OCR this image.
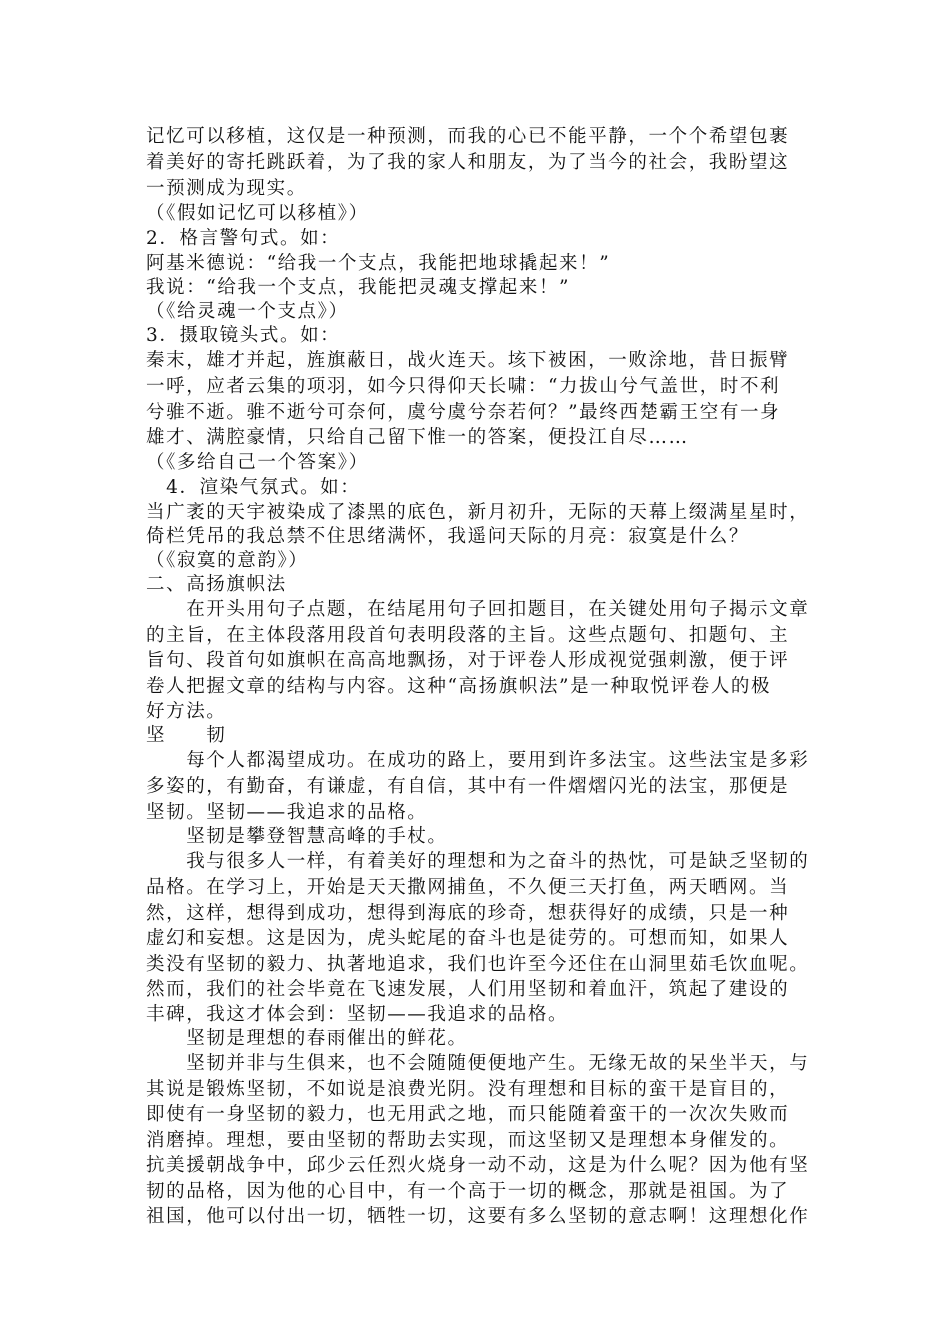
记忆可以移植，这仅是一种预测，而我的心已不能平静，一个个希望包裹
着美好的寄托跳跃着，为了我的家人和朋友，为了当今的社会，我盼望这
一预测成为现实。
（《假如记忆可以移植》）
2．格言警句式。如：
阿基米德说：“给我一个支点，我能把地球撬起来！”
我说：“给我一个支点，我能把灵魂支撑起来！”
（《给灵魂一个支点》）
3．摄取镜头式。如：
秦末，雄才并起，旌旗蔽日，战火连天。垓下被困，一败涂地，昔日振臂
一呼，应者云集的项羽，如今只得仰天长啸：“力拔山兮气盖世，时不利
兮骓不逝。骓不逝兮可奈何，虞兮虞兮奈若何？”最终西楚霸王空有一身
雄才、满腔豪情，只给自己留下惟一的答案，便投江自尽……
（《多给自己一个答案》）
　4．渲染气氛式。如：
当广袤的天宇被染成了漆黑的底色，新月初升，无际的天幕上缀满星星时，
倚栏凭吊的我总禁不住思绪满怀，我遥问天际的月亮：寂寞是什么？
（《寂寞的意韵》）
二、高扬旗帜法
　　在开头用句子点题，在结尾用句子回扣题目，在关键处用句子揭示文章
的主旨，在主体段落用段首句表明段落的主旨。这些点题句、扣题句、主
旨句、段首句如旗帜在高高地飘扬，对于评卷人形成视觉强刺激，便于评
卷人把握文章的结构与内容。这种“高扬旗帜法”是一种取悦评卷人的极
好方法。
坚　　韧
　　每个人都渴望成功。在成功的路上，要用到许多法宝。这些法宝是多彩
多姿的，有勤奋，有谦虚，有自信，其中有一件熠熠闪光的法宝，那便是
坚韧。坚韧——我追求的品格。
　　坚韧是攀登智慧高峰的手杖。
　　我与很多人一样，有着美好的理想和为之奋斗的热忱，可是缺乏坚韧的
品格。在学习上，开始是天天撒网捕鱼，不久便三天打鱼，两天晒网。当
然，这样，想得到成功，想得到海底的珍奇，想获得好的成绩，只是一种
虚幻和妄想。这是因为，虎头蛇尾的奋斗也是徒劳的。可想而知，如果人
类没有坚韧的毅力、执著地追求，我们也许至今还住在山洞里茹毛饮血呢。
然而，我们的社会毕竟在飞速发展，人们用坚韧和着血汗，筑起了建设的
丰碑，我这才体会到：坚韧——我追求的品格。
　　坚韧是理想的春雨催出的鲜花。
　　坚韧并非与生俱来，也不会随随便便地产生。无缘无故的呆坐半天，与
其说是锻炼坚韧，不如说是浪费光阴。没有理想和目标的蛮干是盲目的，
即使有一身坚韧的毅力，也无用武之地，而只能随着蛮干的一次次失败而
消磨掉。理想，要由坚韧的帮助去实现，而这坚韧又是理想本身催发的。
抗美援朝战争中，邱少云任烈火烧身一动不动，这是为什么呢？因为他有坚
韧的品格，因为他的心目中，有一个高于一切的概念，那就是祖国。为了
祖国，他可以付出一切，牺牲一切，这要有多么坚韧的意志啊！这理想化作
